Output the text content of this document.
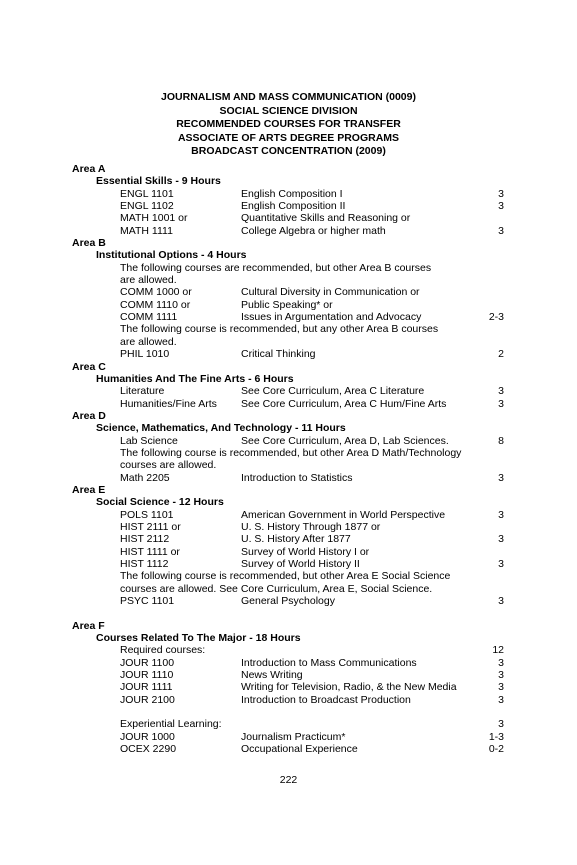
JOURNALISM AND MASS COMMUNICATION (0009)
SOCIAL SCIENCE DIVISION
RECOMMENDED COURSES FOR TRANSFER
ASSOCIATE OF ARTS DEGREE PROGRAMS
BROADCAST CONCENTRATION (2009)
Area A
Essential Skills - 9 Hours
ENGL 1101	English Composition I	3
ENGL 1102	English Composition II	3
MATH 1001 or	Quantitative Skills and Reasoning or
MATH 1111	College Algebra or higher math	3
Area B
Institutional Options - 4 Hours
The following courses are recommended, but other Area B courses
are allowed.
COMM 1000 or	Cultural Diversity in Communication or
COMM 1110 or	Public Speaking* or
COMM 1111	Issues in Argumentation and Advocacy	2-3
The following course is recommended, but any other Area B courses
are allowed.
PHIL 1010	Critical Thinking	2
Area C
Humanities And The Fine Arts - 6 Hours
Literature	See Core Curriculum, Area C Literature	3
Humanities/Fine Arts See Core Curriculum, Area C Hum/Fine Arts	3
Area D
Science, Mathematics, And Technology - 11 Hours
Lab Science	See Core Curriculum, Area D, Lab Sciences.	8
The following course is recommended, but other Area D Math/Technology
courses are allowed.
Math 2205	Introduction to Statistics	3
Area E
Social Science - 12 Hours
POLS 1101	American Government in World Perspective	3
HIST 2111 or	U. S. History Through 1877 or
HIST 2112	U. S. History After 1877	3
HIST 1111 or	Survey of World History I or
HIST 1112	Survey of World History II	3
The following course is recommended, but other Area E Social Science
courses are allowed. See Core Curriculum, Area E, Social Science.
PSYC 1101	General Psychology	3
Area F
Courses Related To The Major - 18 Hours
Required courses:	12
JOUR 1100	Introduction to Mass Communications	3
JOUR 1110	News Writing	3
JOUR 1111	Writing for Television, Radio, & the New Media	3
JOUR 2100	Introduction to Broadcast Production	3
Experiential Learning:	3
JOUR 1000	Journalism Practicum*	1-3
OCEX 2290	Occupational Experience	0-2
222
